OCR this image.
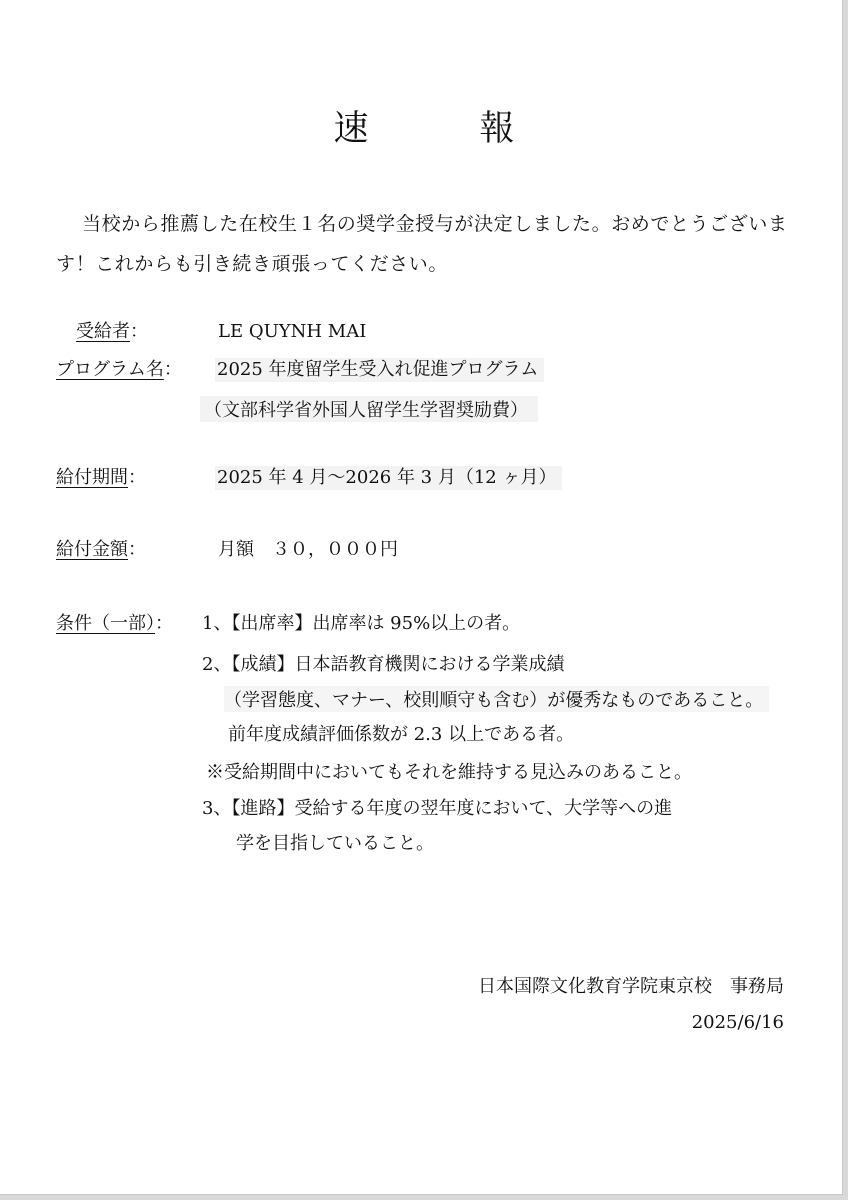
速　報
当校から推薦した在校生１名の奨学金授与が決定しました。おめでとうございます！これからも引き続き頑張ってください。
受給者：	LE QUYNH MAI
プログラム名： 2025 年度留学生受入れ促進プログラム
（文部科学省外国人留学生学習奨励費）
給付期間：	2025 年 4 月～2026 年 3 月（12 ヶ月）
給付金額：	月額　３０，０００円
条件（一部）： 1、【出席率】出席率は 95%以上の者。
2、【成績】日本語教育機関における学業成績
（学習態度、マナー、校則順守も含む）が優秀なものであること。
前年度成績評価係数が 2.3 以上である者。
※受給期間中においてもそれを維持する見込みのあること。
3、【進路】受給する年度の翌年度において、大学等への進
学を目指していること。
日本国際文化教育学院東京校　事務局
2025/6/16
